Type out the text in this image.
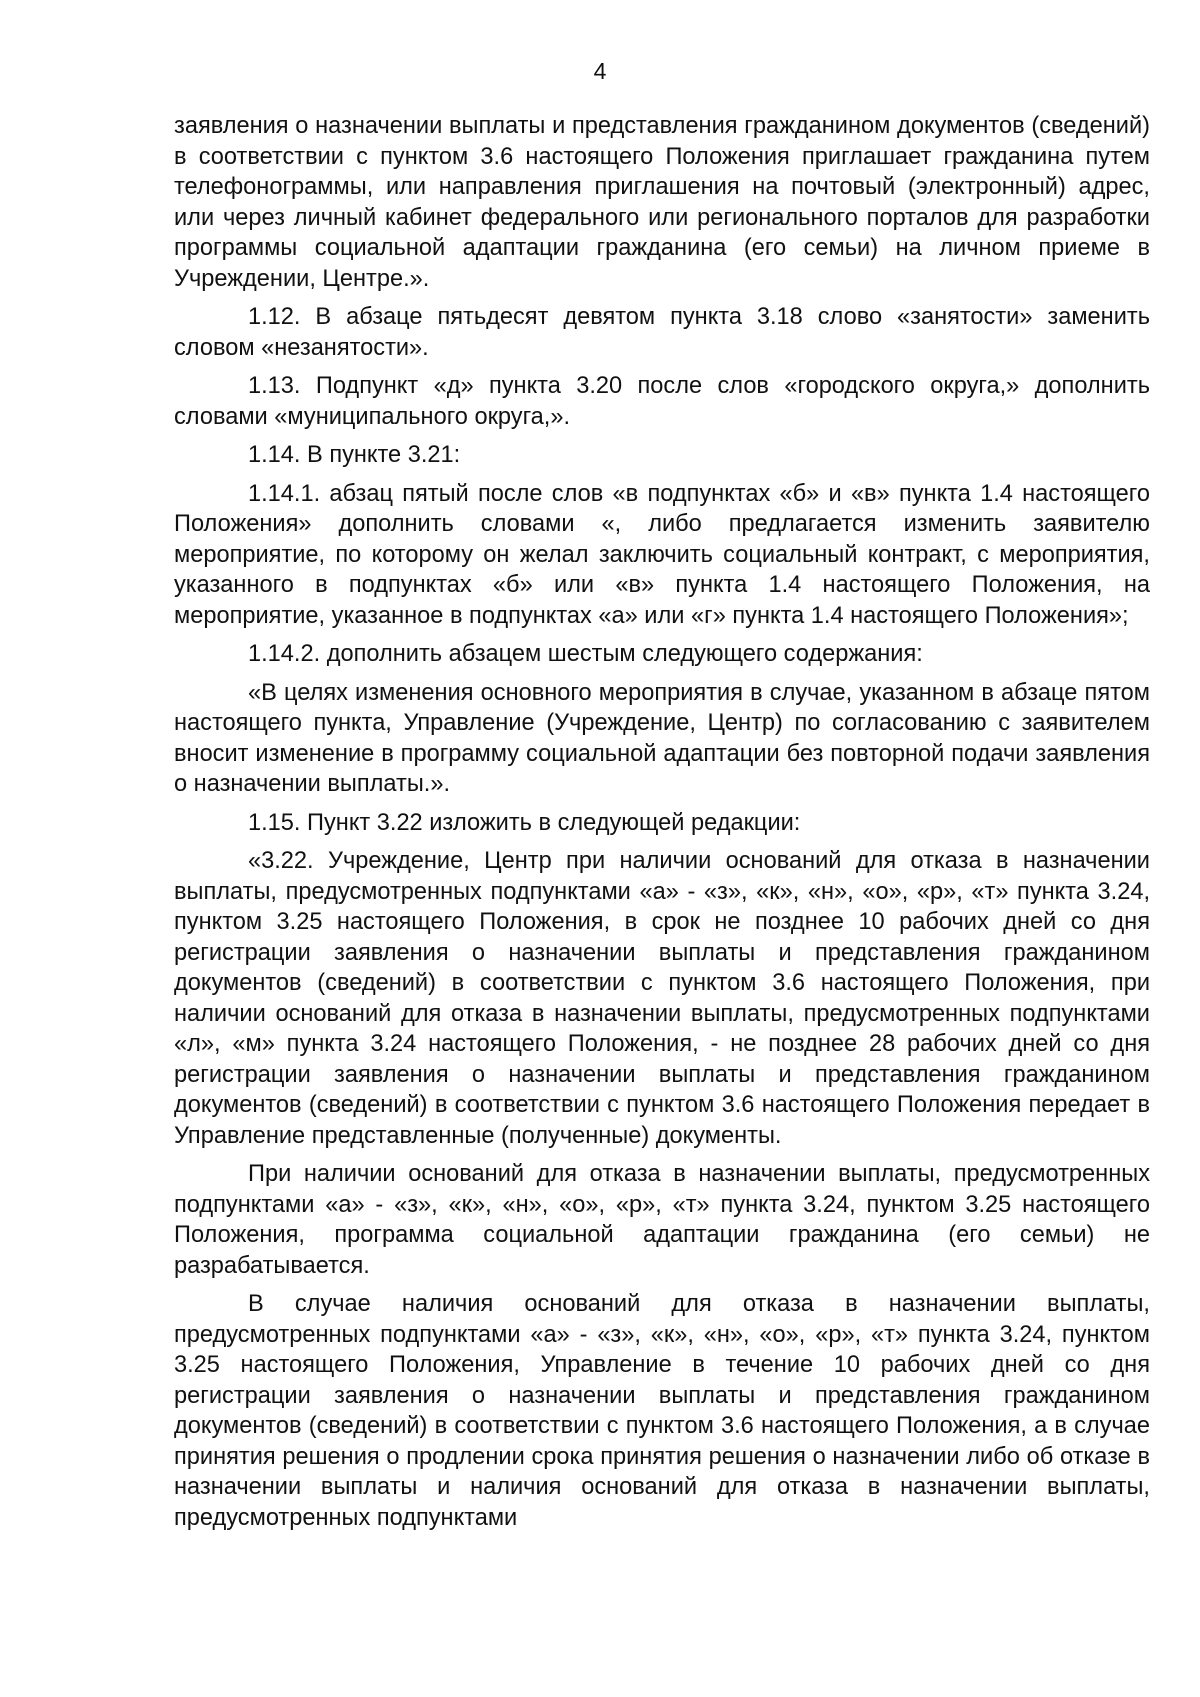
4

заявления о назначении выплаты и представления гражданином документов (сведений) в соответствии с пунктом 3.6 настоящего Положения приглашает гражданина путем телефонограммы, или направления приглашения на почтовый (электронный) адрес, или через личный кабинет федерального или регионального порталов для разработки программы социальной адаптации гражданина (его семьи) на личном приеме в Учреждении, Центре.».

1.12. В абзаце пятьдесят девятом пункта 3.18 слово «занятости» заменить словом «незанятости».

1.13. Подпункт «д» пункта 3.20 после слов «городского округа,» дополнить словами «муниципального округа,».

1.14. В пункте 3.21:

1.14.1. абзац пятый после слов «в подпунктах «б» и «в» пункта 1.4 настоящего Положения» дополнить словами «, либо предлагается изменить заявителю мероприятие, по которому он желал заключить социальный контракт, с мероприятия, указанного в подпунктах «б» или «в» пункта 1.4 настоящего Положения, на мероприятие, указанное в подпунктах «а» или «г» пункта 1.4 настоящего Положения»;

1.14.2. дополнить абзацем шестым следующего содержания:

«В целях изменения основного мероприятия в случае, указанном в абзаце пятом настоящего пункта, Управление (Учреждение, Центр) по согласованию с заявителем вносит изменение в программу социальной адаптации без повторной подачи заявления о назначении выплаты.».

1.15. Пункт 3.22 изложить в следующей редакции:

«3.22. Учреждение, Центр при наличии оснований для отказа в назначении выплаты, предусмотренных подпунктами «а» - «з», «к», «н», «о», «р», «т» пункта 3.24, пунктом 3.25 настоящего Положения, в срок не позднее 10 рабочих дней со дня регистрации заявления о назначении выплаты и представления гражданином документов (сведений) в соответствии с пунктом 3.6 настоящего Положения, при наличии оснований для отказа в назначении выплаты, предусмотренных подпунктами «л», «м» пункта 3.24 настоящего Положения, - не позднее 28 рабочих дней со дня регистрации заявления о назначении выплаты и представления гражданином документов (сведений) в соответствии с пунктом 3.6 настоящего Положения передает в Управление представленные (полученные) документы.

При наличии оснований для отказа в назначении выплаты, предусмотренных подпунктами «а» - «з», «к», «н», «о», «р», «т» пункта 3.24, пунктом 3.25 настоящего Положения, программа социальной адаптации гражданина (его семьи) не разрабатывается.

В случае наличия оснований для отказа в назначении выплаты, предусмотренных подпунктами «а» - «з», «к», «н», «о», «р», «т» пункта 3.24, пунктом 3.25 настоящего Положения, Управление в течение 10 рабочих дней со дня регистрации заявления о назначении выплаты и представления гражданином документов (сведений) в соответствии с пунктом 3.6 настоящего Положения, а в случае принятия решения о продлении срока принятия решения о назначении либо об отказе в назначении выплаты и наличия оснований для отказа в назначении выплаты, предусмотренных подпунктами
